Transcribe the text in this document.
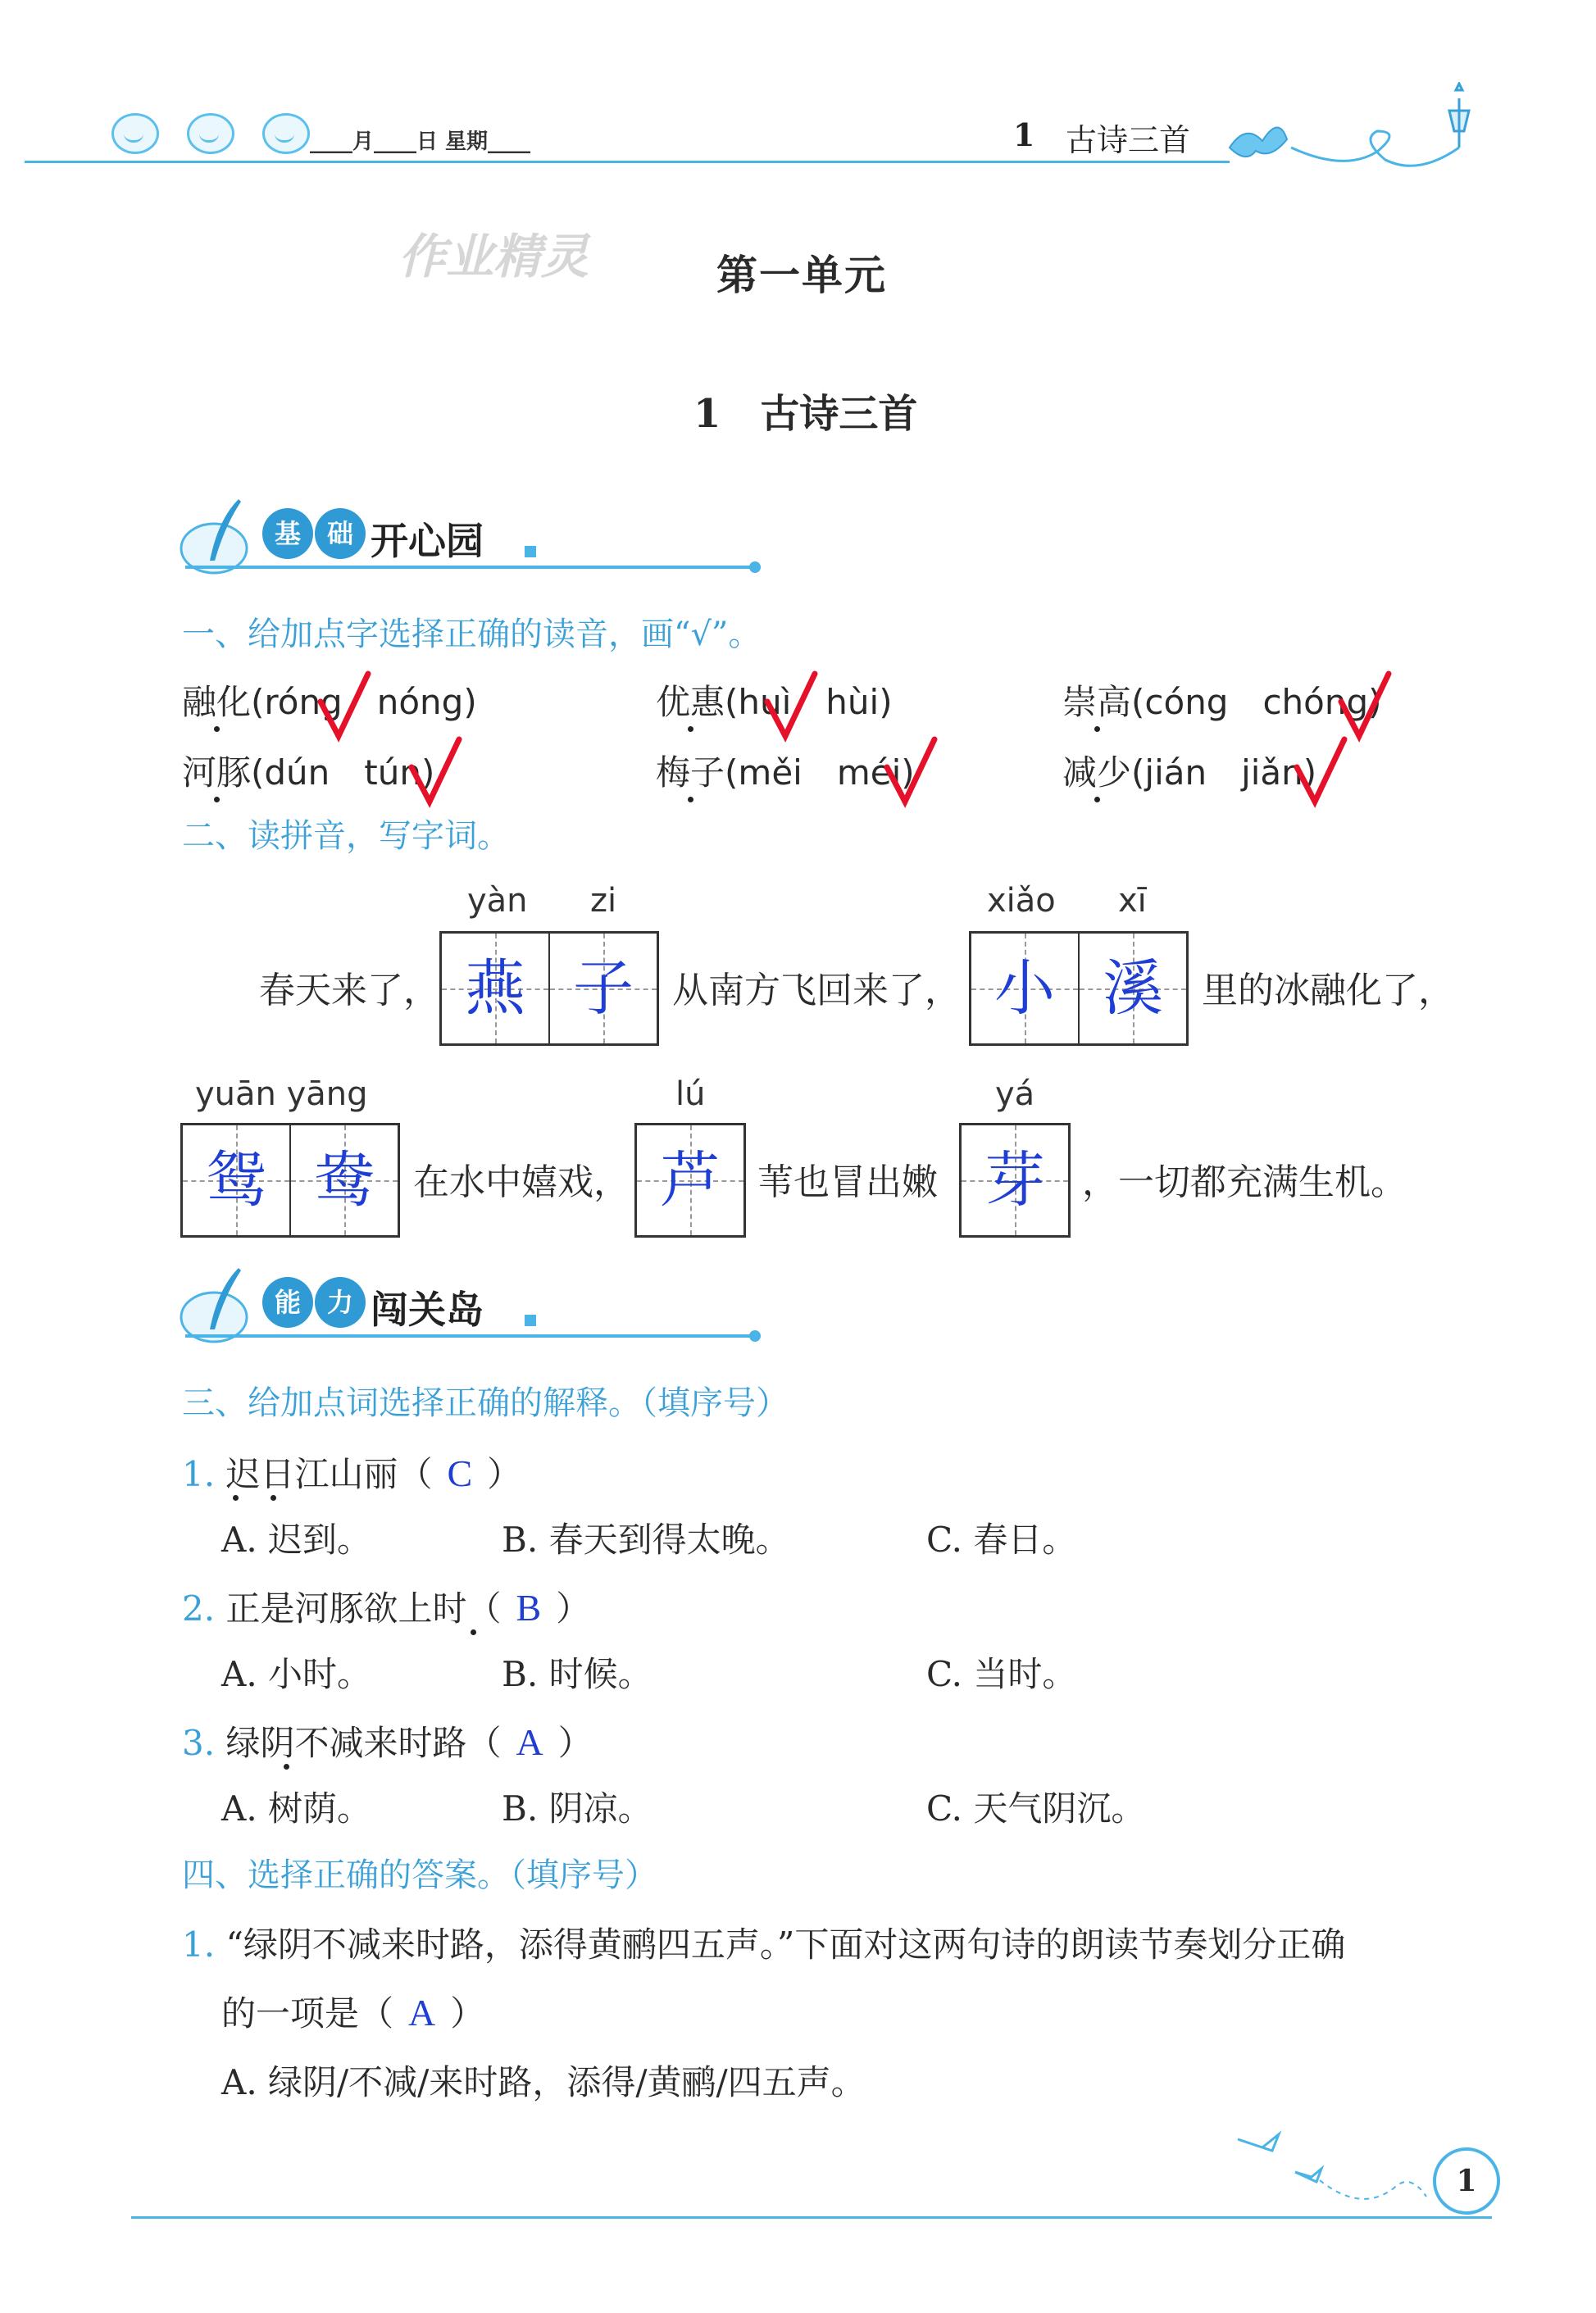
____月____日 星期____	1 古诗三首
作业精灵	第一单元
1　古诗三首
基 础 开心园
一、给加点字选择正确的读音，画“√”。
融化(róng　nóng)	优惠(huì　hùi)	崇高(cóng　chóng)
河豚(dún　tún)	梅子(měi　méi)	减少(jián　jiǎn)
二、读拼音，写字词。
yàn zi	xiǎo xī
春天来了， 燕 子	从南方飞回来了， 小 溪	里的冰融化了，
yuān yāng	lú	yá
鸳 鸯	在水中嬉戏， 芦	苇也冒出嫩 芽	，一切都充满生机。
能 力 闯关岛
三、给加点词选择正确的解释。（填序号）
1. 迟日江山丽（ C ）
A. 迟到。	B. 春天到得太晚。	C. 春日。
2. 正是河豚欲上时（ B ）
A. 小时。	B. 时候。	C. 当时。
3. 绿阴不减来时路（ A ）
A. 树荫。	B. 阴凉。	C. 天气阴沉。
四、选择正确的答案。（填序号）
1. “绿阴不减来时路，添得黄鹂四五声。”下面对这两句诗的朗读节奏划分正确
的一项是（ A ）
A. 绿阴/不减/来时路，添得/黄鹂/四五声。
1
